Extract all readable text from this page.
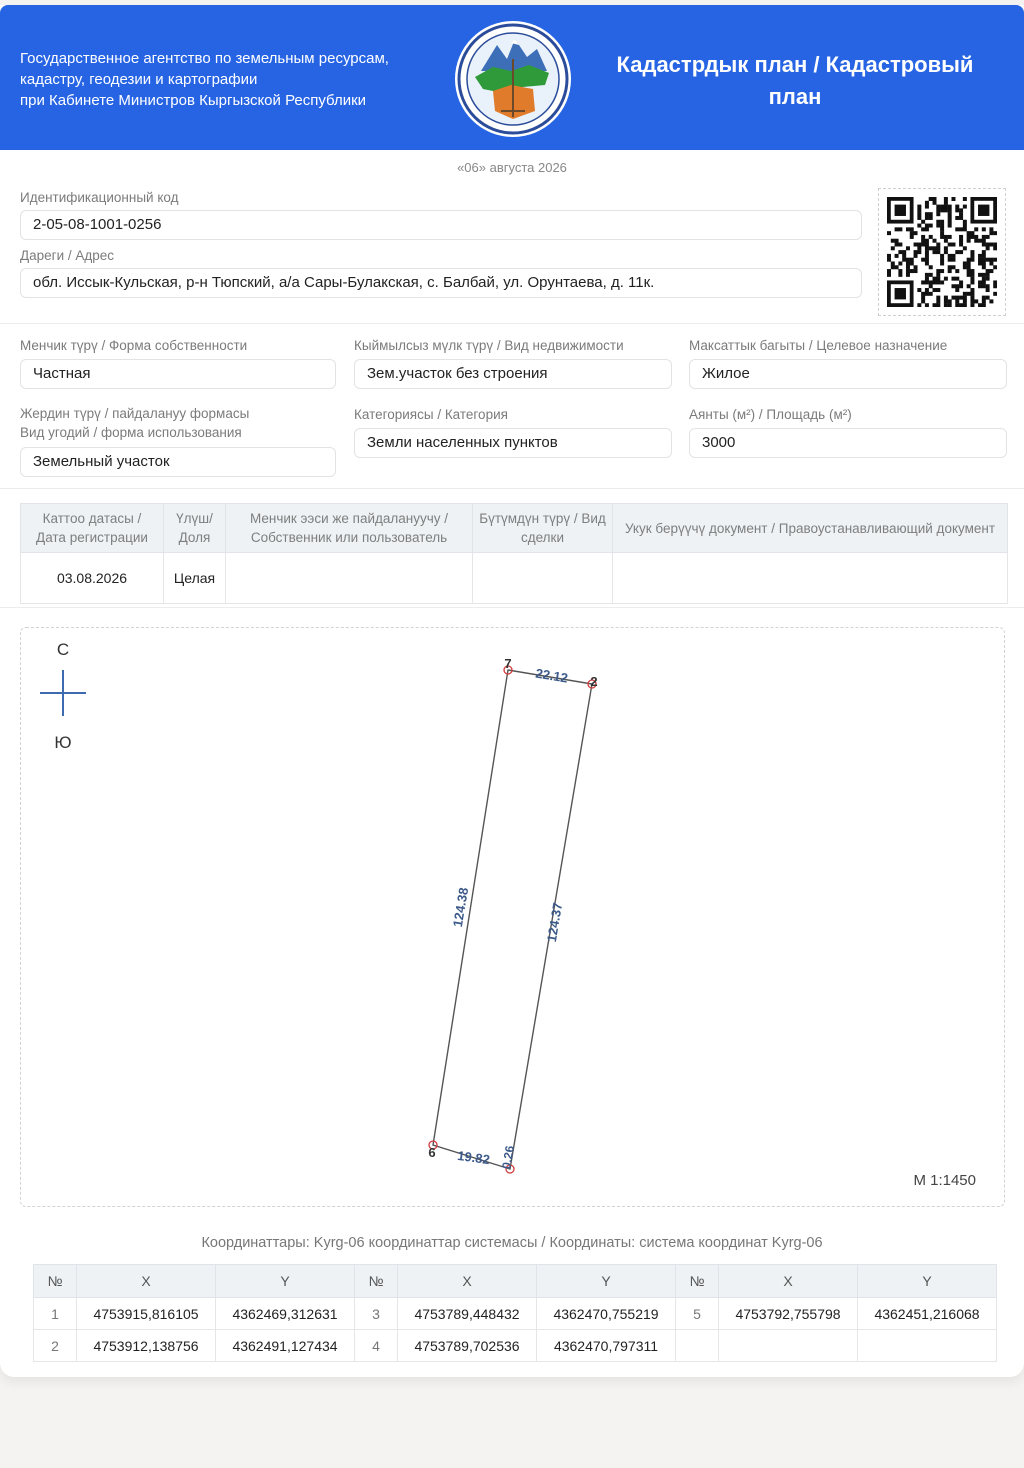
Государственное агентство по земельным ресурсам,
кадастру, геодезии и картографии
при Кабинете Министров Кыргызской Республики
Кадастрдык план / Кадастровый план
«06» августа 2026
Идентификационный код
2-05-08-1001-0256
Дареги / Адрес
обл. Иссык-Кульская, р-н Тюпский, а/а Сары-Булакская, с. Балбай, ул. Орунтаева, д. 11к.
Менчик түрү / Форма собственности
Частная
Кыймылсыз мүлк түрү / Вид недвижимости
Зем.участок без строения
Максаттык багыты / Целевое назначение
Жилое
Жердин түрү / пайдалануу формасы
Вид угодий / форма использования
Земельный участок
Категориясы / Категория
Земли населенных пунктов
Аянты (м²) / Площадь (м²)
3000
Каттоо датасы / Дата регистрации	Үлүш/ Доля	Менчик ээси же пайдалануучу / Собственник или пользователь	Бүтүмдүн түрү / Вид сделки	Укук берүүчү документ / Правоустанавливающий документ
03.08.2026	Целая			
С
Ю
7
2
6
22.12
124.37
0.26
19.82
124.38
М 1:1450
Координаттары: Kyrg-06 координаттар системасы / Координаты: система координат Kyrg-06
№	X	Y	№	X	Y	№	X	Y
1	4753915,816105	4362469,312631	3	4753789,448432	4362470,755219	5	4753792,755798	4362451,216068
2	4753912,138756	4362491,127434	4	4753789,702536	4362470,797311			
